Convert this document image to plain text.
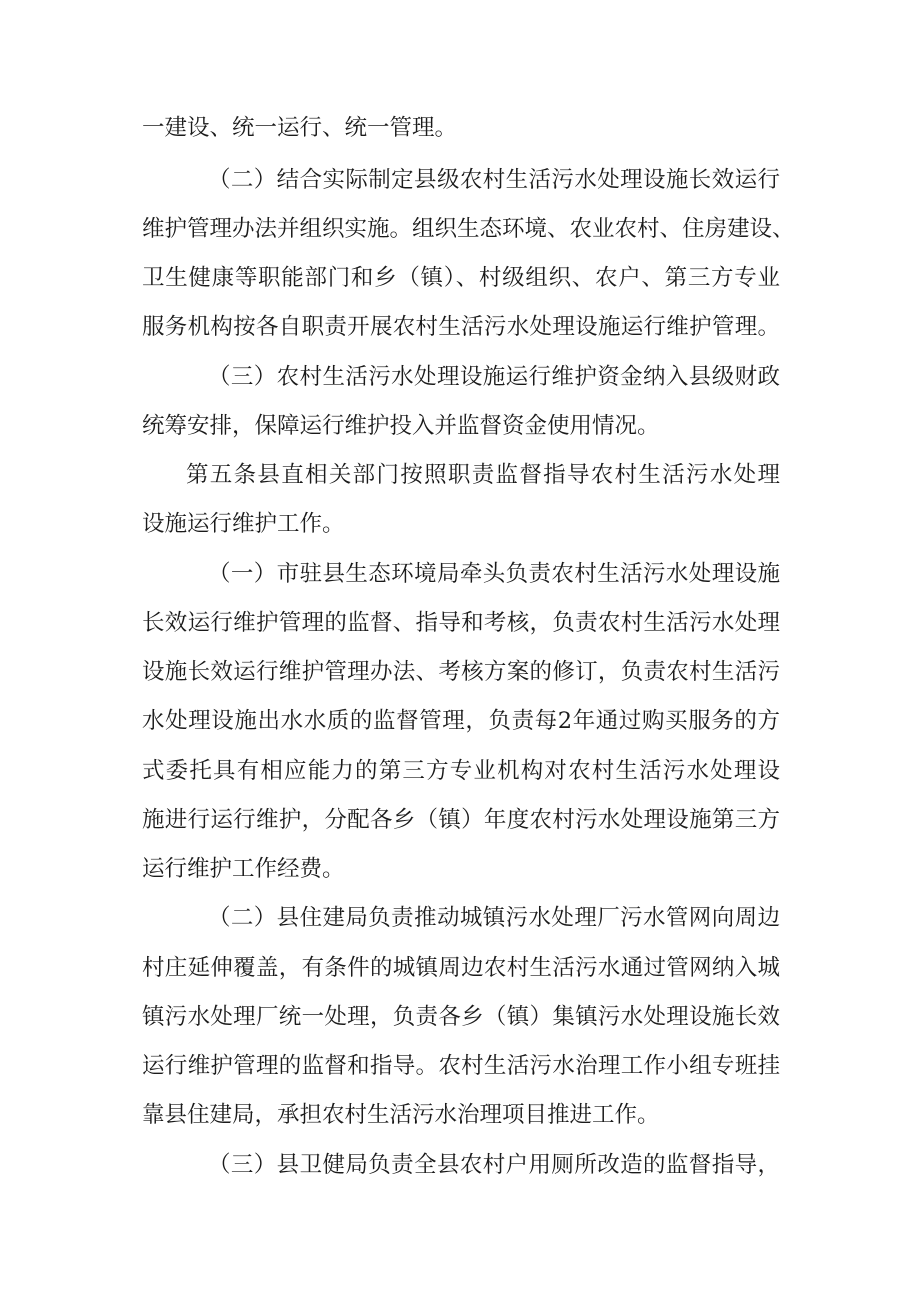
一建设、统一运行、统一管理。
（二）结合实际制定县级农村生活污水处理设施长效运行
维护管理办法并组织实施。组织生态环境、农业农村、住房建设、
卫生健康等职能部门和乡（镇）、村级组织、农户、第三方专业
服务机构按各自职责开展农村生活污水处理设施运行维护管理。
（三）农村生活污水处理设施运行维护资金纳入县级财政
统筹安排，保障运行维护投入并监督资金使用情况。
第五条县直相关部门按照职责监督指导农村生活污水处理
设施运行维护工作。
（一）市驻县生态环境局牵头负责农村生活污水处理设施
长效运行维护管理的监督、指导和考核，负责农村生活污水处理
设施长效运行维护管理办法、考核方案的修订，负责农村生活污
水处理设施出水水质的监督管理，负责每2年通过购买服务的方
式委托具有相应能力的第三方专业机构对农村生活污水处理设
施进行运行维护，分配各乡（镇）年度农村污水处理设施第三方
运行维护工作经费。
（二）县住建局负责推动城镇污水处理厂污水管网向周边
村庄延伸覆盖，有条件的城镇周边农村生活污水通过管网纳入城
镇污水处理厂统一处理，负责各乡（镇）集镇污水处理设施长效
运行维护管理的监督和指导。农村生活污水治理工作小组专班挂
靠县住建局，承担农村生活污水治理项目推进工作。
（三）县卫健局负责全县农村户用厕所改造的监督指导，
